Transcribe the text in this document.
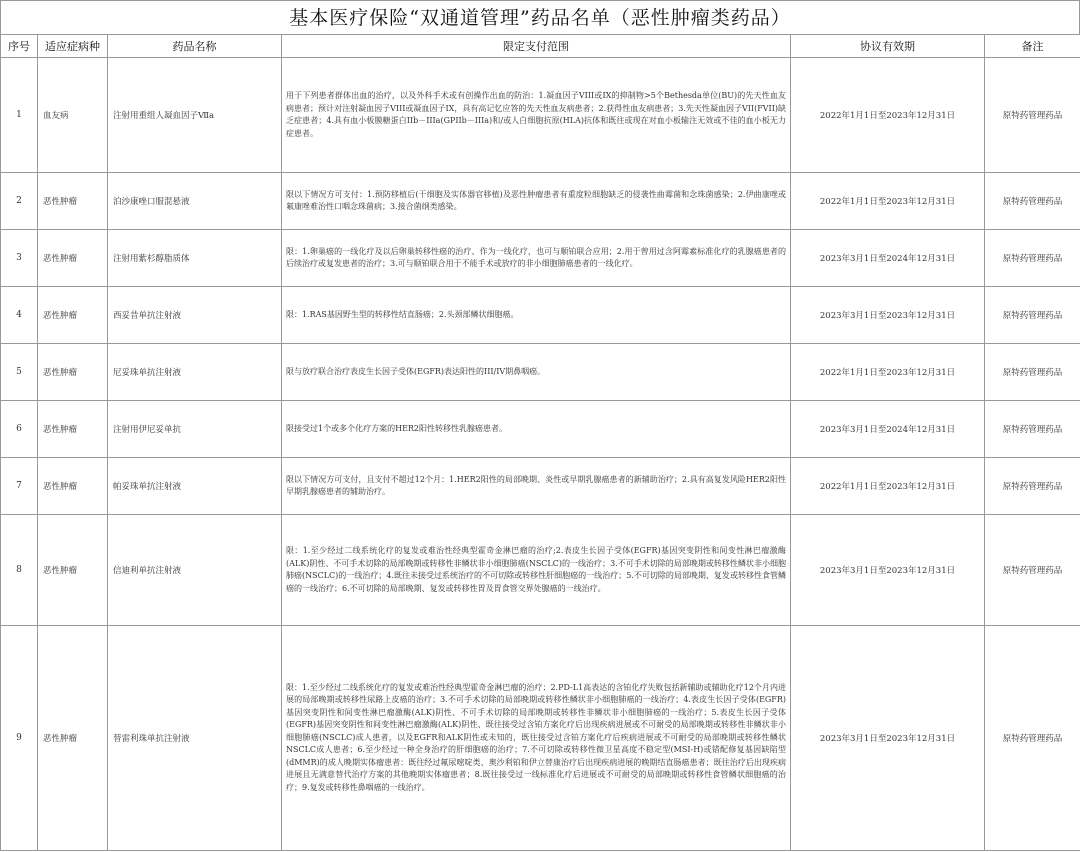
基本医疗保险“双通道管理”药品名单（恶性肿瘤类药品）
序号	适应症病种	药品名称	限定支付范围	协议有效期	备注
1	血友病	注射用重组人凝血因子Ⅶa	用于下列患者群体出血的治疗，以及外科手术或有创操作出血的防治：1.凝血因子VIII或IX的抑制物>5个Bethesda单位(BU)的先天性血友病患者；预计对注射凝血因子VIII或凝血因子IX，具有高记忆应答的先天性血友病患者；2.获得性血友病患者；3.先天性凝血因子VII(FVII)缺乏症患者；4.具有血小板膜糖蛋白IIb－IIIa(GPIIb－IIIa)和/或人白细胞抗原(HLA)抗体和既往或现在对血小板输注无效或不佳的血小板无力症患者。	2022年1月1日至2023年12月31日	原特药管理药品
2	恶性肿瘤	泊沙康唑口服混悬液	限以下情况方可支付：1.预防移植后(干细胞及实体器官移植)及恶性肿瘤患者有重度粒细胞缺乏的侵袭性曲霉菌和念珠菌感染；2.伊曲康唑或氟康唑难治性口咽念珠菌病；3.接合菌纲类感染。	2022年1月1日至2023年12月31日	原特药管理药品
3	恶性肿瘤	注射用紫杉醇脂质体	限：1.卵巢癌的一线化疗及以后卵巢转移性癌的治疗、作为一线化疗，也可与顺铂联合应用；2.用于曾用过含阿霉素标准化疗的乳腺癌患者的后续治疗或复发患者的治疗；3.可与顺铂联合用于不能手术或放疗的非小细胞肺癌患者的一线化疗。	2023年3月1日至2024年12月31日	原特药管理药品
4	恶性肿瘤	西妥昔单抗注射液	限：1.RAS基因野生型的转移性结直肠癌；2.头颈部鳞状细胞癌。	2023年3月1日至2023年12月31日	原特药管理药品
5	恶性肿瘤	尼妥珠单抗注射液	限与放疗联合治疗表皮生长因子受体(EGFR)表达阳性的III/IV期鼻咽癌。	2022年1月1日至2023年12月31日	原特药管理药品
6	恶性肿瘤	注射用伊尼妥单抗	限接受过1个或多个化疗方案的HER2阳性转移性乳腺癌患者。	2023年3月1日至2024年12月31日	原特药管理药品
7	恶性肿瘤	帕妥珠单抗注射液	限以下情况方可支付，且支付不超过12个月：1.HER2阳性的局部晚期、炎性或早期乳腺癌患者的新辅助治疗；2.具有高复发风险HER2阳性早期乳腺癌患者的辅助治疗。	2022年1月1日至2023年12月31日	原特药管理药品
8	恶性肿瘤	信迪利单抗注射液	限：1.至少经过二线系统化疗的复发或难治性经典型霍奇金淋巴瘤的治疗;2.表皮生长因子受体(EGFR)基因突变阴性和间变性淋巴瘤激酶(ALK)阴性、不可手术切除的局部晚期或转移性非鳞状非小细胞肺癌(NSCLC)的一线治疗；3.不可手术切除的局部晚期或转移性鳞状非小细胞肺癌(NSCLC)的一线治疗；4.既往未接受过系统治疗的不可切除或转移性肝细胞癌的一线治疗；5.不可切除的局部晚期、复发或转移性食管鳞癌的一线治疗；6.不可切除的局部晚期、复发或转移性胃及胃食管交界处腺癌的一线治疗。	2023年3月1日至2023年12月31日	原特药管理药品
9	恶性肿瘤	替雷利珠单抗注射液	限：1.至少经过二线系统化疗的复发或难治性经典型霍奇金淋巴瘤的治疗；2.PD-L1高表达的含铂化疗失败包括新辅助或辅助化疗12个月内进展的局部晚期或转移性尿路上皮癌的治疗；3.不可手术切除的局部晚期或转移性鳞状非小细胞肺癌的一线治疗；4.表皮生长因子受体(EGFR)基因突变阴性和间变性淋巴瘤激酶(ALK)阴性、不可手术切除的局部晚期或转移性非鳞状非小细胞肺癌的一线治疗；5.表皮生长因子受体(EGFR)基因突变阴性和间变性淋巴瘤激酶(ALK)阴性、既往接受过含铂方案化疗后出现疾病进展或不可耐受的局部晚期或转移性非鳞状非小细胞肺癌(NSCLC)成人患者，以及EGFR和ALK阴性或未知的，既往接受过含铂方案化疗后疾病进展或不可耐受的局部晚期或转移性鳞状NSCLC成人患者；6.至少经过一种全身治疗的肝细胞癌的治疗；7.不可切除或转移性微卫星高度不稳定型(MSI-H)或错配修复基因缺陷型(dMMR)的成人晚期实体瘤患者：既往经过氟尿嘧啶类、奥沙利铂和伊立替康治疗后出现疾病进展的晚期结直肠癌患者；既往治疗后出现疾病进展且无满意替代治疗方案的其他晚期实体瘤患者；8.既往接受过一线标准化疗后进展或不可耐受的局部晚期或转移性食管鳞状细胞癌的治疗；9.复发或转移性鼻咽癌的一线治疗。	2023年3月1日至2023年12月31日	原特药管理药品
